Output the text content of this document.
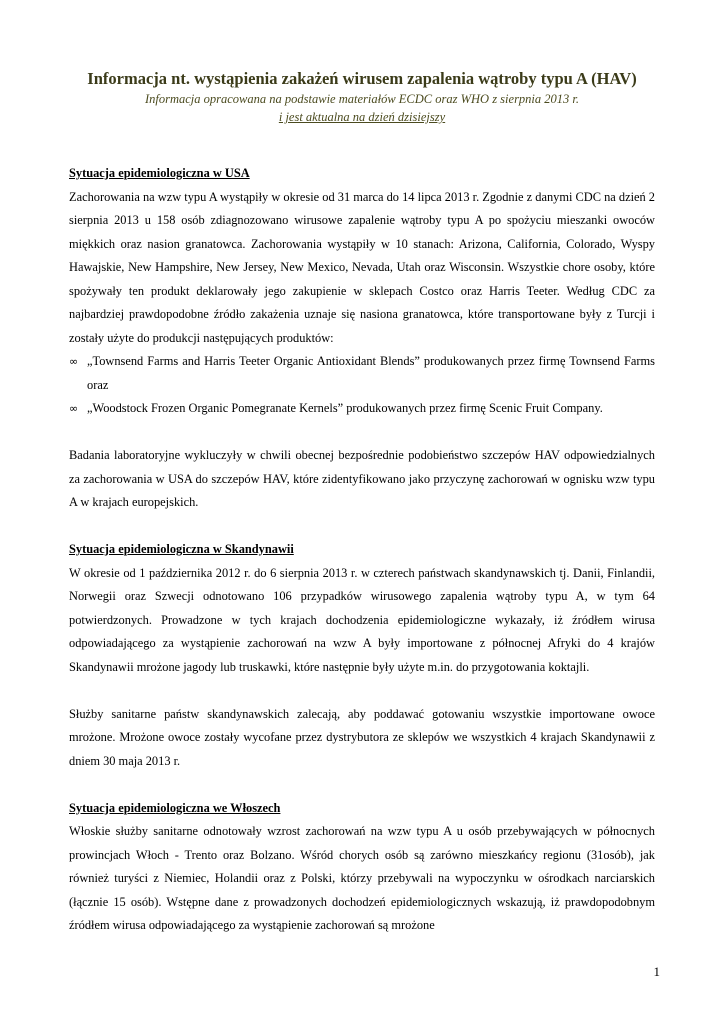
Informacja nt. wystąpienia zakażeń wirusem zapalenia wątroby typu A (HAV)

Informacja opracowana na podstawie materiałów ECDC oraz WHO z sierpnia 2013 r.

i jest aktualna na dzień dzisiejszy

Sytuacja epidemiologiczna w USA

Zachorowania na wzw typu A wystąpiły w okresie od 31 marca do 14 lipca 2013 r. Zgodnie z danymi CDC na dzień 2 sierpnia 2013 u 158 osób zdiagnozowano wirusowe zapalenie wątroby typu A po spożyciu mieszanki owoców miękkich oraz nasion granatowca. Zachorowania wystąpiły w 10 stanach: Arizona, California, Colorado, Wyspy Hawajskie, New Hampshire, New Jersey, New Mexico, Nevada, Utah oraz Wisconsin. Wszystkie chore osoby, które spożywały ten produkt deklarowały jego zakupienie w sklepach Costco oraz Harris Teeter. Według CDC za najbardziej prawdopodobne źródło zakażenia uznaje się nasiona granatowca, które transportowane były z Turcji i zostały użyte do produkcji następujących produktów:

∞ „Townsend Farms and Harris Teeter Organic Antioxidant Blends” produkowanych przez firmę Townsend Farms oraz
∞ „Woodstock Frozen Organic Pomegranate Kernels” produkowanych przez firmę Scenic Fruit Company.

Badania laboratoryjne wykluczyły w chwili obecnej bezpośrednie podobieństwo szczepów HAV odpowiedzialnych za zachorowania w USA do szczepów HAV, które zidentyfikowano jako przyczynę zachorowań w ognisku wzw typu A w krajach europejskich.

Sytuacja epidemiologiczna w Skandynawii

W okresie od 1 października 2012 r. do 6 sierpnia 2013 r. w czterech państwach skandynawskich tj. Danii, Finlandii, Norwegii oraz Szwecji odnotowano 106 przypadków wirusowego zapalenia wątroby typu A, w tym 64 potwierdzonych. Prowadzone w tych krajach dochodzenia epidemiologiczne wykazały, iż źródłem wirusa odpowiadającego za wystąpienie zachorowań na wzw A były importowane z północnej Afryki do 4 krajów Skandynawii mrożone jagody lub truskawki, które następnie były użyte m.in. do przygotowania koktajli.

Służby sanitarne państw skandynawskich zalecają, aby poddawać gotowaniu wszystkie importowane owoce mrożone. Mrożone owoce zostały wycofane przez dystrybutora ze sklepów we wszystkich 4 krajach Skandynawii z dniem 30 maja 2013 r.

Sytuacja epidemiologiczna we Włoszech

Włoskie służby sanitarne odnotowały wzrost zachorowań na wzw typu A u osób przebywających w północnych prowincjach Włoch - Trento oraz Bolzano. Wśród chorych osób są zarówno mieszkańcy regionu (31osób), jak również turyści z Niemiec, Holandii oraz z Polski, którzy przebywali na wypoczynku w ośrodkach narciarskich (łącznie 15 osób). Wstępne dane z prowadzonych dochodzeń epidemiologicznych wskazują, iż prawdopodobnym źródłem wirusa odpowiadającego za wystąpienie zachorowań są mrożone

1
